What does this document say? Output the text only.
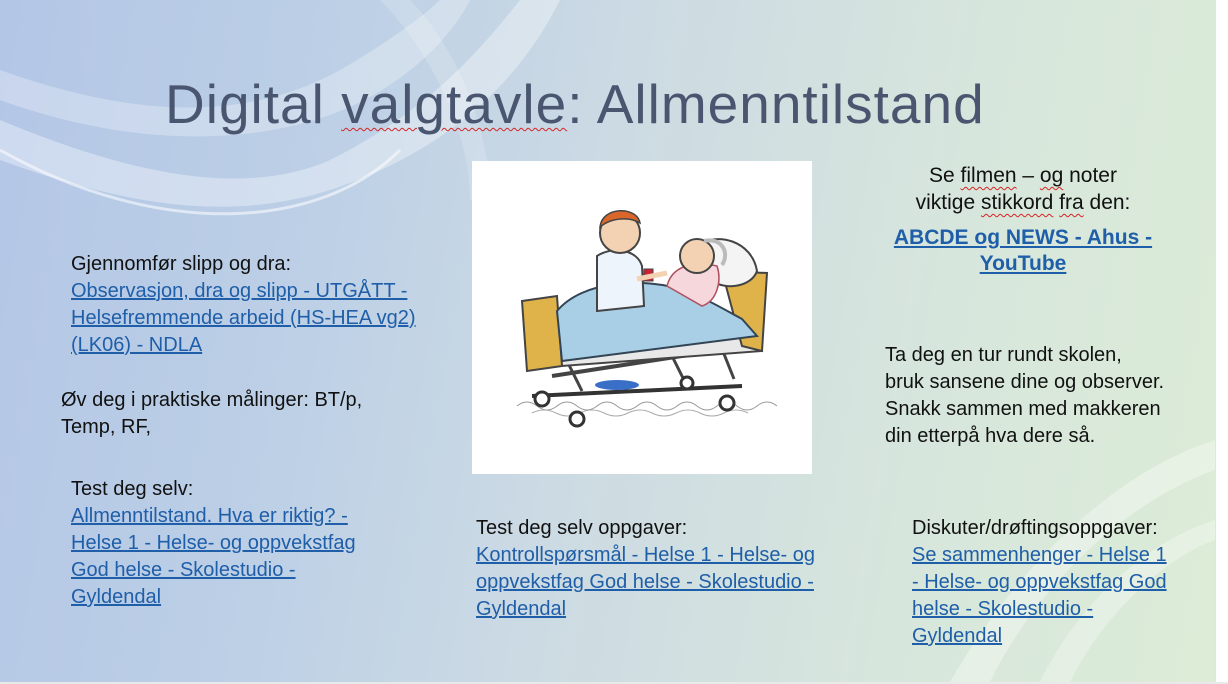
Digital valgtavle: Allmenntilstand
Gjennomfør slipp og dra:
Observasjon, dra og slipp - UTGÅTT -
Helsefremmende arbeid (HS-HEA vg2)
(LK06) - NDLA
Øv deg i praktiske målinger: BT/p,
Temp, RF,
Test deg selv:
Allmenntilstand. Hva er riktig? -
Helse 1 - Helse- og oppvekstfag
God helse - Skolestudio -
Gyldendal
Test deg selv oppgaver:
Kontrollspørsmål - Helse 1 - Helse- og
oppvekstfag God helse - Skolestudio -
Gyldendal
Se filmen – og noter
viktige stikkord fra den:
ABCDE og NEWS - Ahus -
YouTube
Ta deg en tur rundt skolen,
bruk sansene dine og observer.
Snakk sammen med makkeren
din etterpå hva dere så.
Diskuter/drøftingsoppgaver:
Se sammenhenger - Helse 1
- Helse- og oppvekstfag God
helse - Skolestudio -
Gyldendal
